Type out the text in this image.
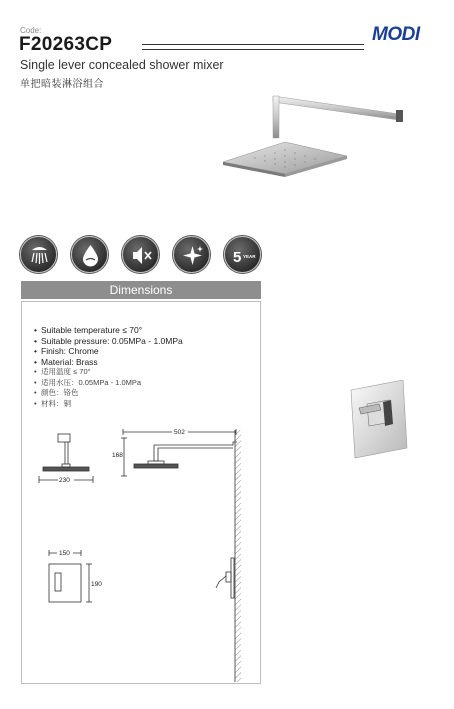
Code:
F20263CP	MODI
Single lever concealed shower mixer
单把暗装淋浴组合
5 YEAR
Dimensions
• Suitable temperature ≤ 70°
• Suitable pressure: 0.05MPa - 1.0MPa
• Finish: Chrome
• Material: Brass
• 适用温度 ≤ 70°
• 适用水压：0.05MPa - 1.0MPa
• 颜色：铬色
• 材料：铜
230
502
168
150
190
